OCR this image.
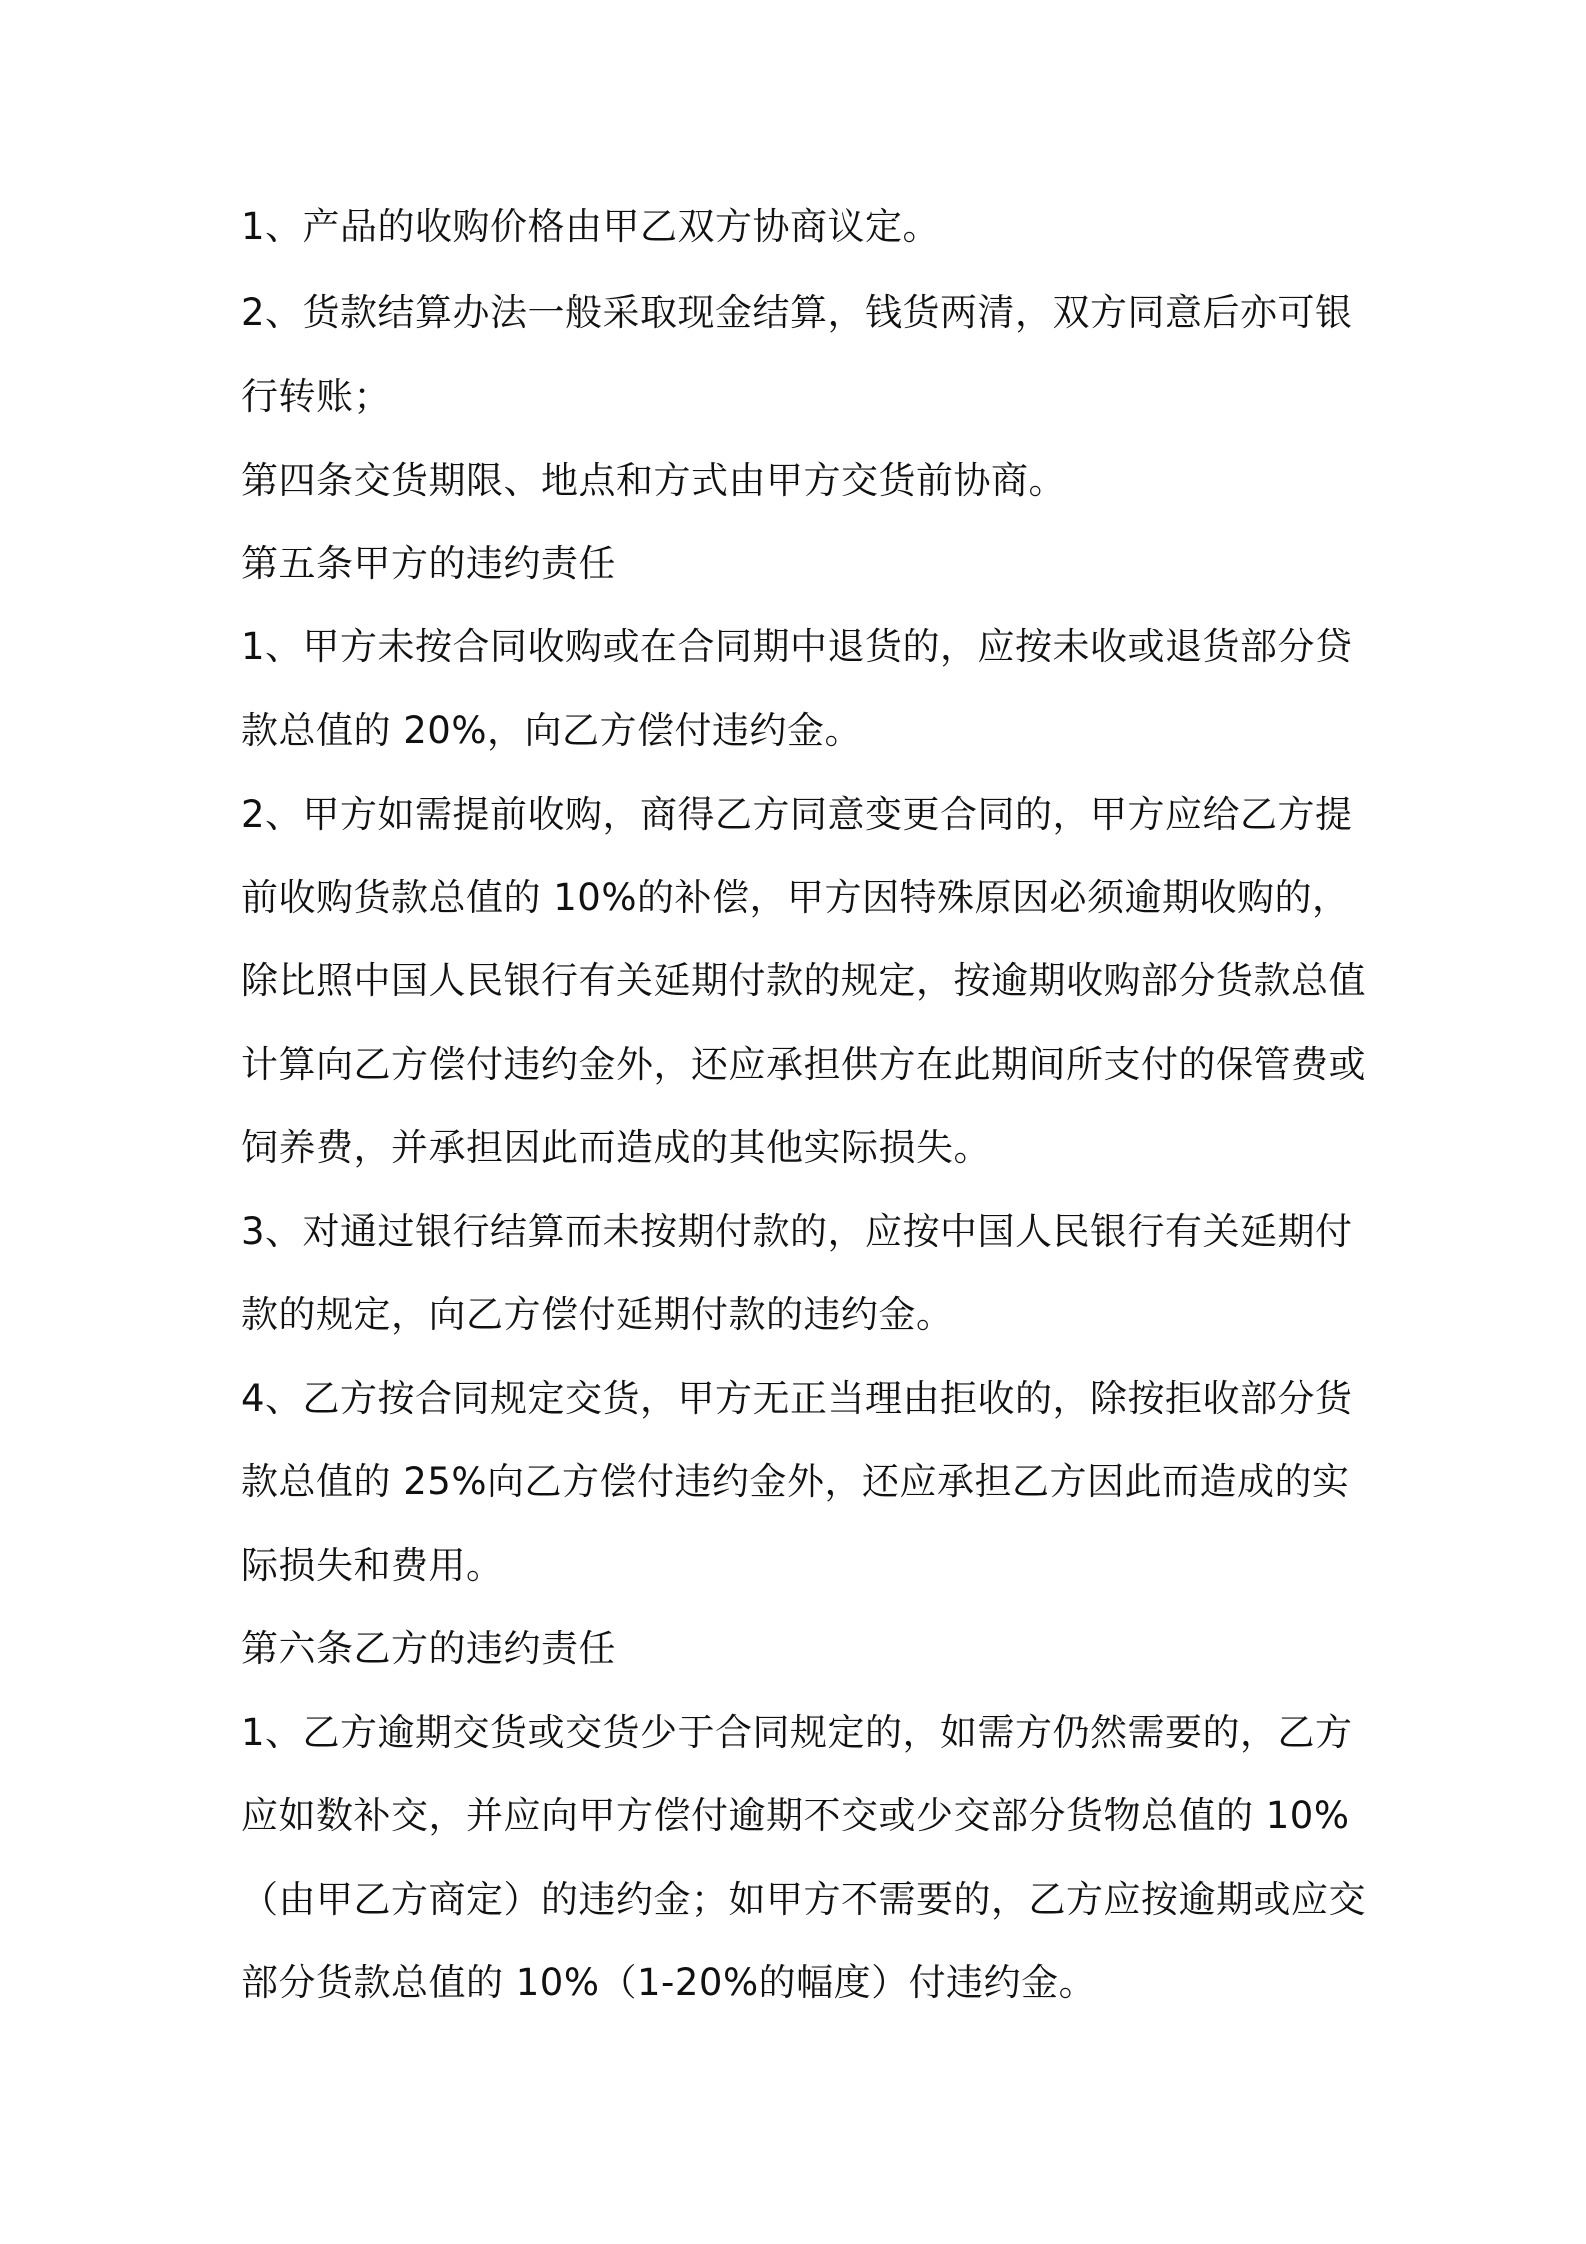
1、产品的收购价格由甲乙双方协商议定。
2、货款结算办法一般采取现金结算，钱货两清，双方同意后亦可银
行转账；
第四条交货期限、地点和方式由甲方交货前协商。
第五条甲方的违约责任
1、甲方未按合同收购或在合同期中退货的，应按未收或退货部分贷
款总值的 20%，向乙方偿付违约金。
2、甲方如需提前收购，商得乙方同意变更合同的，甲方应给乙方提
前收购货款总值的 10%的补偿，甲方因特殊原因必须逾期收购的，
除比照中国人民银行有关延期付款的规定，按逾期收购部分货款总值
计算向乙方偿付违约金外，还应承担供方在此期间所支付的保管费或
饲养费，并承担因此而造成的其他实际损失。
3、对通过银行结算而未按期付款的，应按中国人民银行有关延期付
款的规定，向乙方偿付延期付款的违约金。
4、乙方按合同规定交货，甲方无正当理由拒收的，除按拒收部分货
款总值的 25%向乙方偿付违约金外，还应承担乙方因此而造成的实
际损失和费用。
第六条乙方的违约责任
1、乙方逾期交货或交货少于合同规定的，如需方仍然需要的，乙方
应如数补交，并应向甲方偿付逾期不交或少交部分货物总值的 10%
（由甲乙方商定）的违约金；如甲方不需要的，乙方应按逾期或应交
部分货款总值的 10%（1-20%的幅度）付违约金。
